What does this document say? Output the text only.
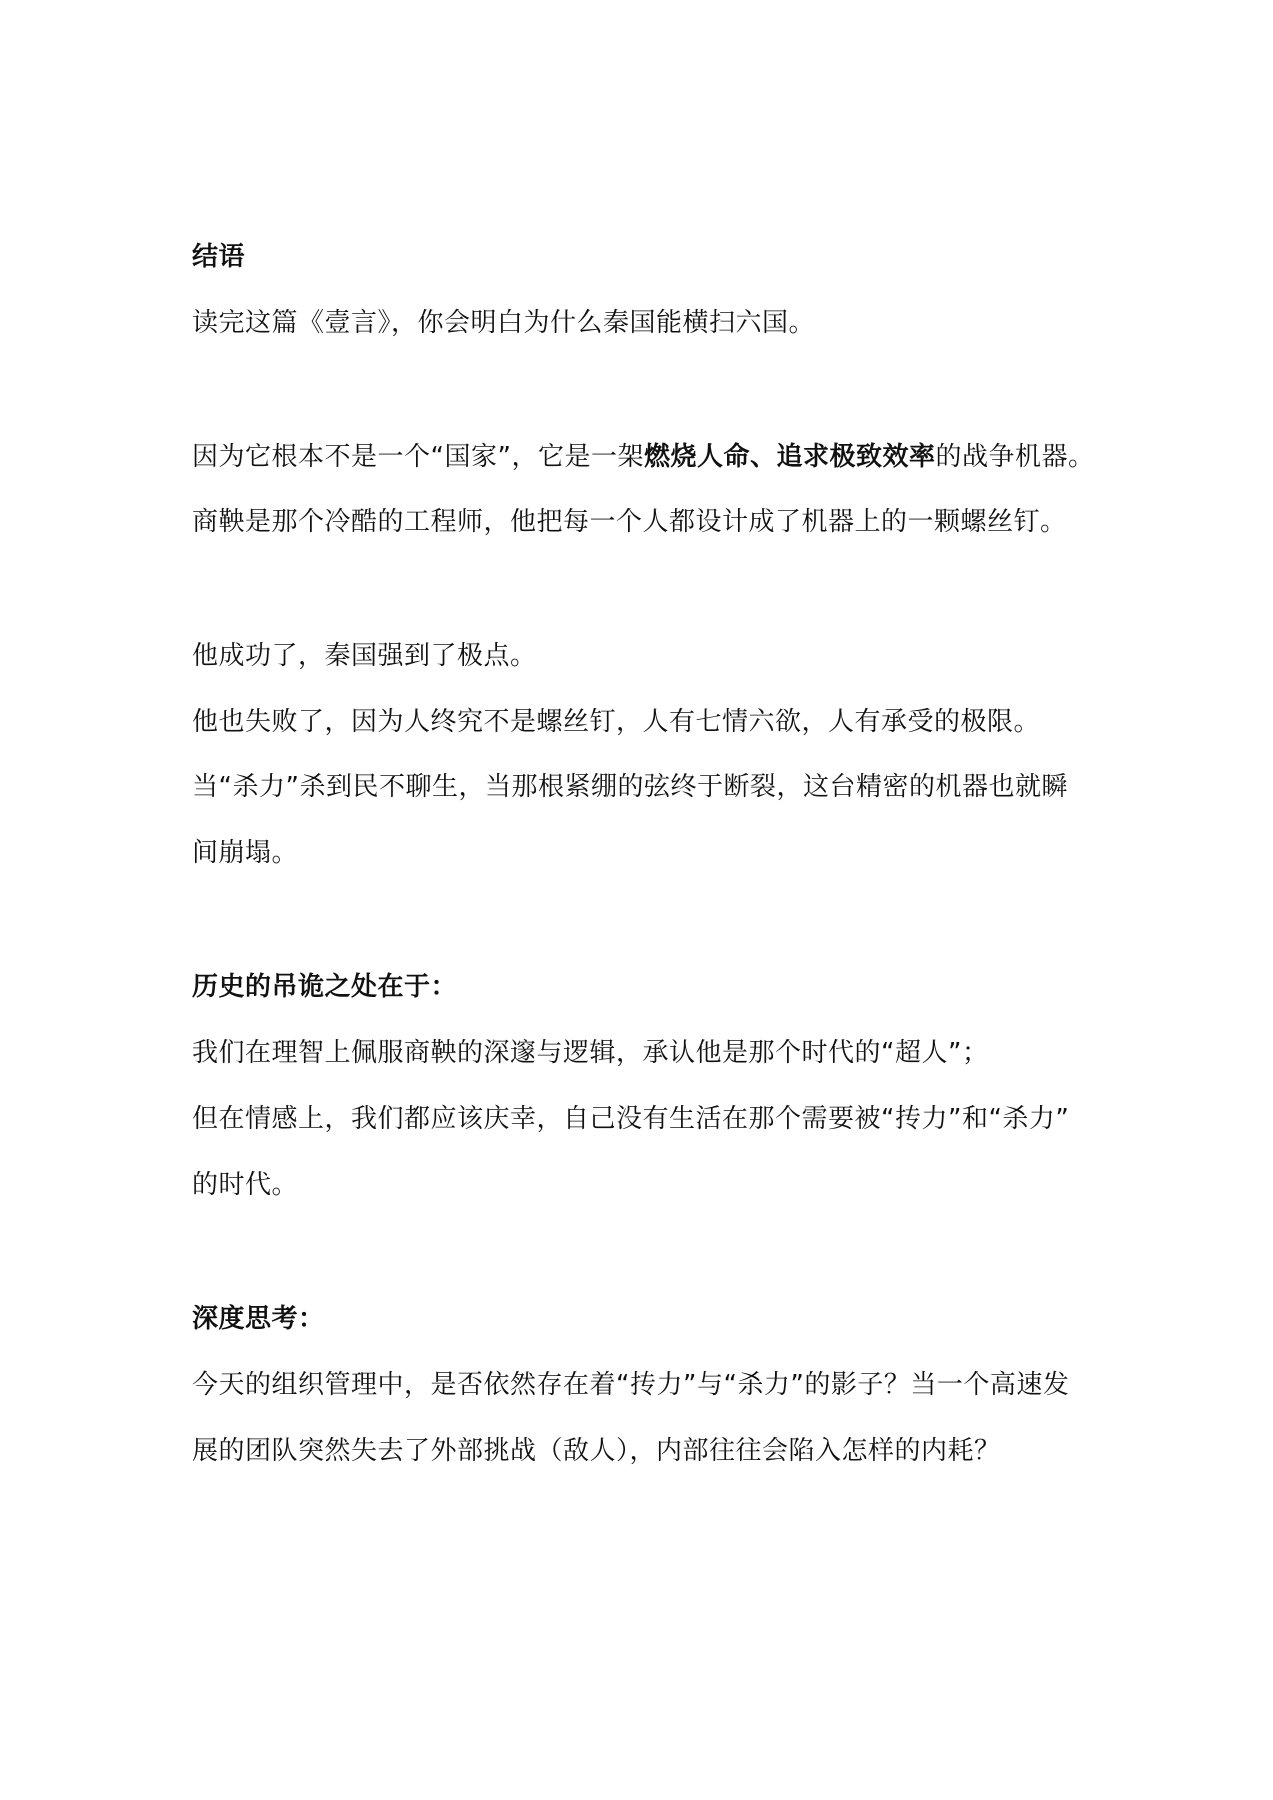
结语
读完这篇《壹言》，你会明白为什么秦国能横扫六国。
因为它根本不是一个“国家”，它是一架燃烧人命、追求极致效率的战争机器。
商鞅是那个冷酷的工程师，他把每一个人都设计成了机器上的一颗螺丝钉。
他成功了，秦国强到了极点。
他也失败了，因为人终究不是螺丝钉，人有七情六欲，人有承受的极限。
当“杀力”杀到民不聊生，当那根紧绷的弦终于断裂，这台精密的机器也就瞬
间崩塌。
历史的吊诡之处在于：
我们在理智上佩服商鞅的深邃与逻辑，承认他是那个时代的“超人”；
但在情感上，我们都应该庆幸，自己没有生活在那个需要被“抟力”和“杀力”
的时代。
深度思考：
今天的组织管理中，是否依然存在着“抟力”与“杀力”的影子？当一个高速发
展的团队突然失去了外部挑战（敌人），内部往往会陷入怎样的内耗？
